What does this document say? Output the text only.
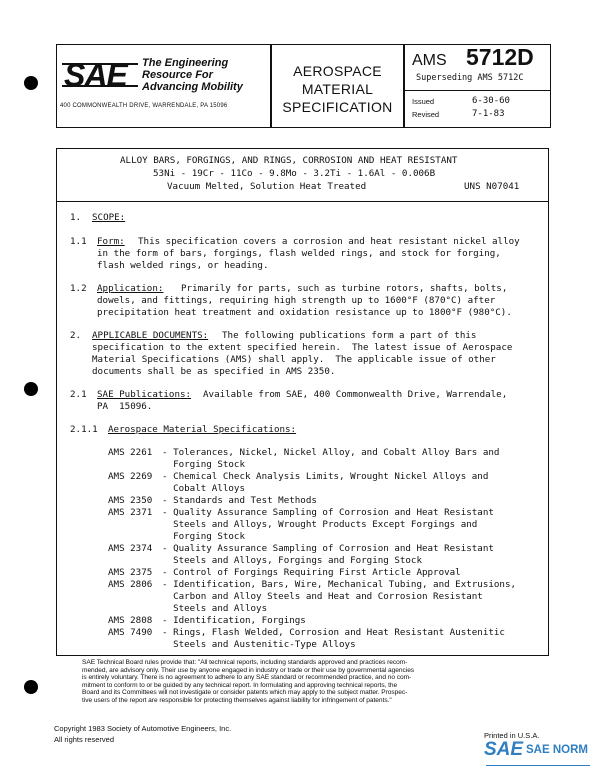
SAE The Engineering
Resource For
Advancing Mobility
400 COMMONWEALTH DRIVE, WARRENDALE, PA 15096
AEROSPACE
MATERIAL
SPECIFICATION
AMS 5712D
Superseding AMS 5712C
Issued	6-30-60
Revised	7-1-83
ALLOY BARS, FORGINGS, AND RINGS, CORROSION AND HEAT RESISTANT
53Ni - 19Cr - 11Co - 9.8Mo - 3.2Ti - 1.6Al - 0.006B
Vacuum Melted, Solution Heat Treated	UNS N07041
1. SCOPE:
1.1 Form: This specification covers a corrosion and heat resistant nickel alloy
in the form of bars, forgings, flash welded rings, and stock for forging,
flash welded rings, or heading.
1.2 Application: Primarily for parts, such as turbine rotors, shafts, bolts,
dowels, and fittings, requiring high strength up to 1600°F (870°C) after
precipitation heat treatment and oxidation resistance up to 1800°F (980°C).
2. APPLICABLE DOCUMENTS: The following publications form a part of this
specification to the extent specified herein.  The latest issue of Aerospace
Material Specifications (AMS) shall apply.  The applicable issue of other
documents shall be as specified in AMS 2350.
2.1 SAE Publications: Available from SAE, 400 Commonwealth Drive, Warrendale,
PA  15096.
2.1.1 Aerospace Material Specifications:
AMS 2261 - Tolerances, Nickel, Nickel Alloy, and Cobalt Alloy Bars and
Forging Stock
AMS 2269 - Chemical Check Analysis Limits, Wrought Nickel Alloys and
Cobalt Alloys
AMS 2350 - Standards and Test Methods
AMS 2371 - Quality Assurance Sampling of Corrosion and Heat Resistant
Steels and Alloys, Wrought Products Except Forgings and
Forging Stock
AMS 2374 - Quality Assurance Sampling of Corrosion and Heat Resistant
Steels and Alloys, Forgings and Forging Stock
AMS 2375 - Control of Forgings Requiring First Article Approval
AMS 2806 - Identification, Bars, Wire, Mechanical Tubing, and Extrusions,
Carbon and Alloy Steels and Heat and Corrosion Resistant
Steels and Alloys
AMS 2808 - Identification, Forgings
AMS 7490 - Rings, Flash Welded, Corrosion and Heat Resistant Austenitic
Steels and Austenitic-Type Alloys
SAE Technical Board rules provide that: "All technical reports, including standards approved and practices recom-
mended, are advisory only. Their use by anyone engaged in industry or trade or their use by governmental agencies
is entirely voluntary. There is no agreement to adhere to any SAE standard or recommended practice, and no com-
mitment to conform to or be guided by any technical report. In formulating and approving technical reports, the
Board and its Committees will not investigate or consider patents which may apply to the subject matter. Prospec-
tive users of the report are responsible for protecting themselves against liability for infringement of patents."
Copyright 1983 Society of Automotive Engineers, Inc.
All rights reserved	Printed in U.S.A.
SAE SAE NORM
